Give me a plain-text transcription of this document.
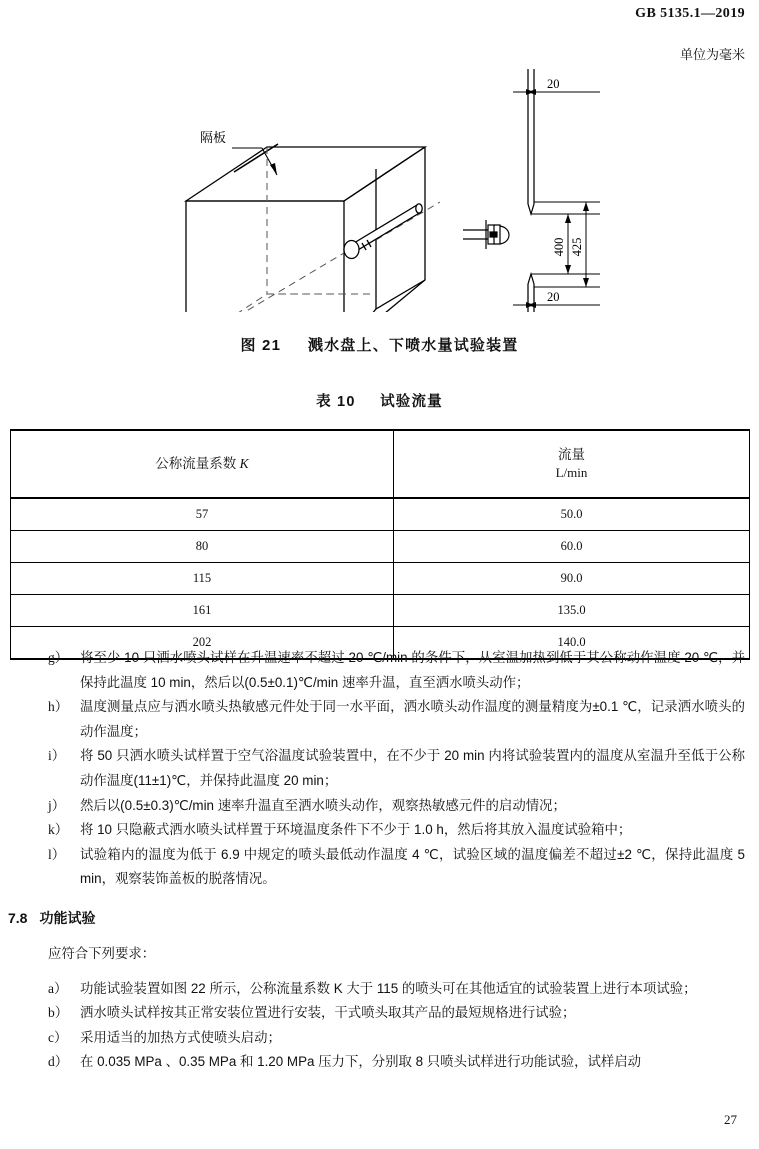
GB 5135.1—2019
单位为毫米
隔板
20
20
400 425
图 21 溅水盘上、下喷水量试验装置
表 10 试验流量
公称流量系数 K	流量
L/min

57	50.0
80	60.0
115	90.0
161	135.0
202	140.0
g） 将至少 10 只洒水喷头试样在升温速率不超过 20 ℃/min 的条件下，从室温加热到低于其公称动作温度 20 ℃，并保持此温度 10 min，然后以(0.5±0.1)℃/min 速率升温，直至洒水喷头动作；
h） 温度测量点应与洒水喷头热敏感元件处于同一水平面，洒水喷头动作温度的测量精度为±0.1 ℃，记录洒水喷头的动作温度；
i） 将 50 只洒水喷头试样置于空气浴温度试验装置中，在不少于 20 min 内将试验装置内的温度从室温升至低于公称动作温度(11±1)℃，并保持此温度 20 min；
j） 然后以(0.5±0.3)℃/min 速率升温直至洒水喷头动作，观察热敏感元件的启动情况；
k） 将 10 只隐蔽式洒水喷头试样置于环境温度条件下不少于 1.0 h，然后将其放入温度试验箱中；
l） 试验箱内的温度为低于 6.9 中规定的喷头最低动作温度 4 ℃，试验区域的温度偏差不超过±2 ℃，保持此温度 5 min，观察装饰盖板的脱落情况。
7.8 功能试验
应符合下列要求：
a） 功能试验装置如图 22 所示，公称流量系数 K 大于 115 的喷头可在其他适宜的试验装置上进行本项试验；
b） 洒水喷头试样按其正常安装位置进行安装，干式喷头取其产品的最短规格进行试验；
c） 采用适当的加热方式使喷头启动；
d） 在 0.035 MPa 、0.35 MPa 和 1.20 MPa 压力下，分别取 8 只喷头试样进行功能试验，试样启动
27
